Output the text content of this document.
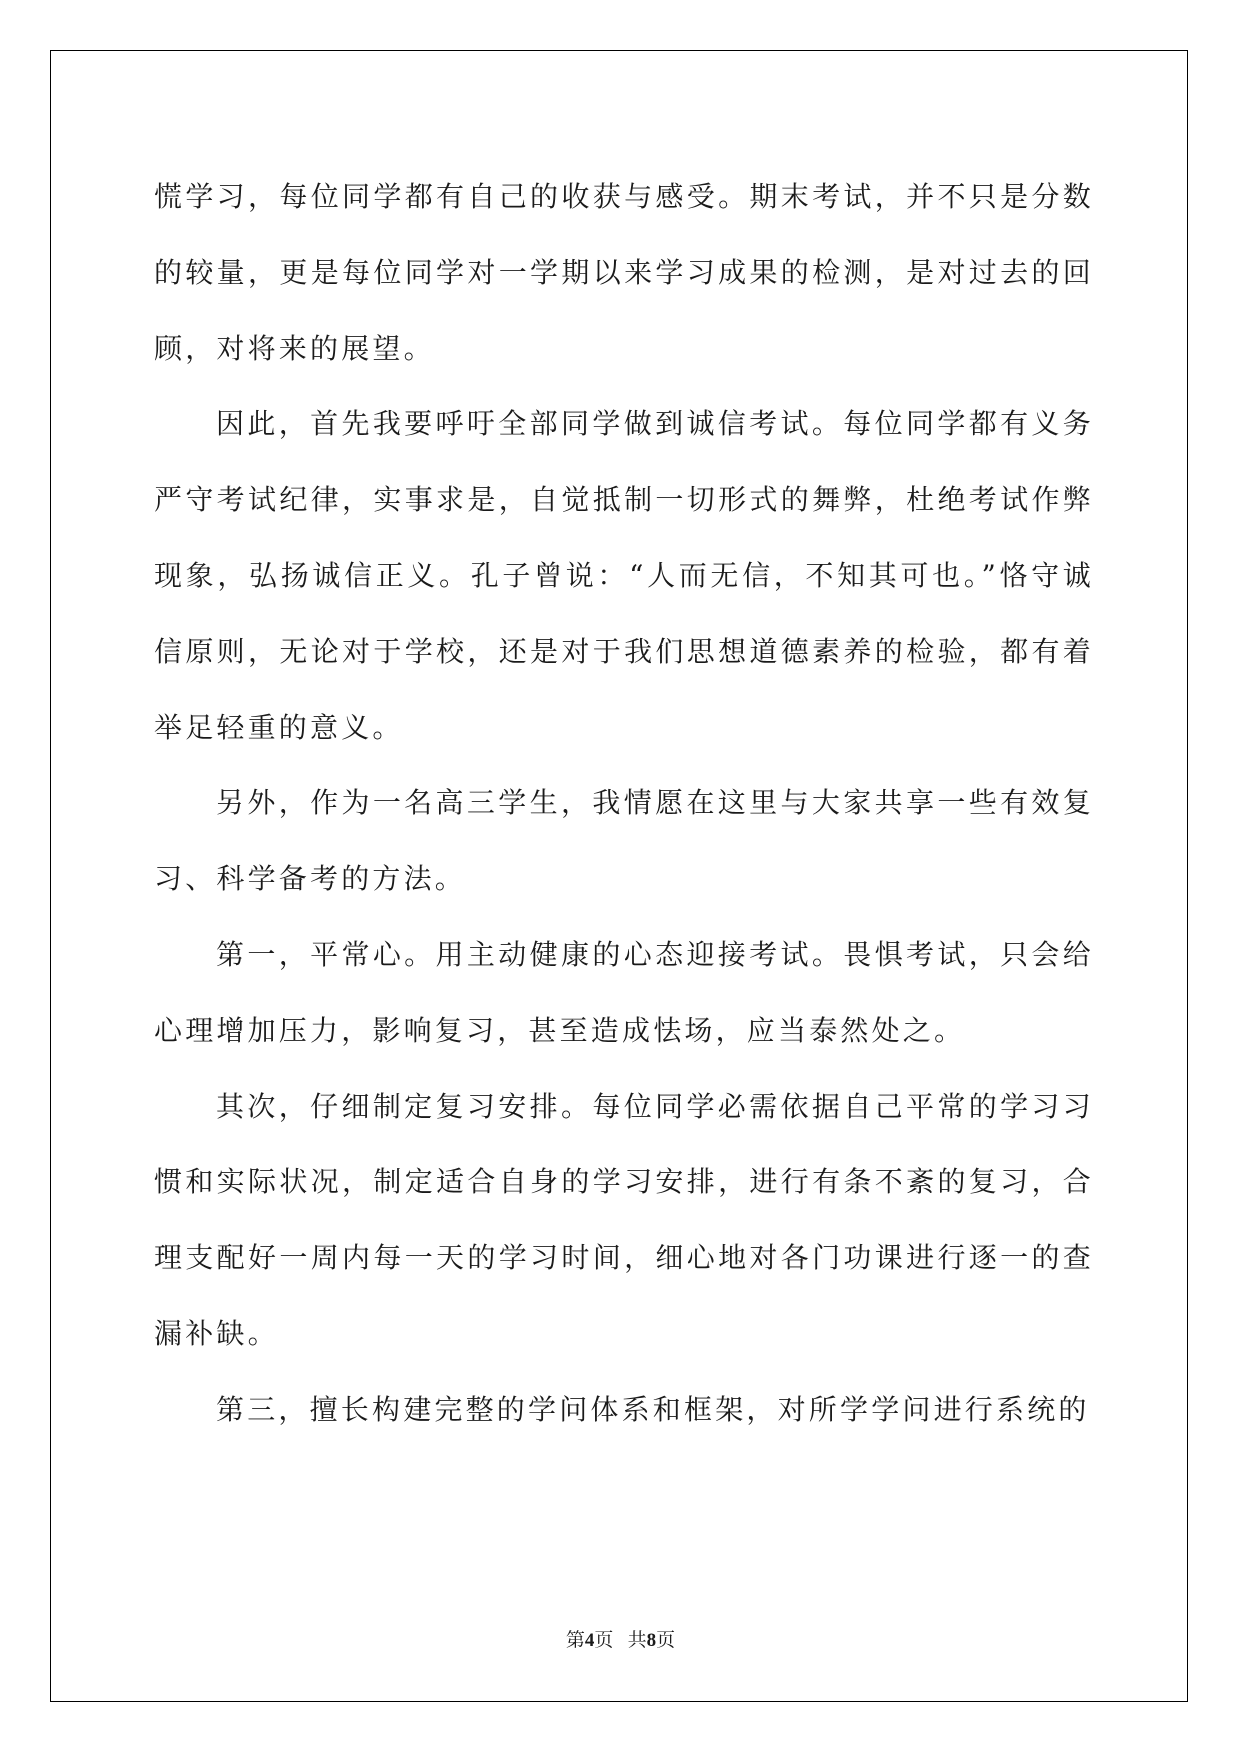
慌学习，每位同学都有自己的收获与感受。期末考试，并不只是分数的较量，更是每位同学对一学期以来学习成果的检测，是对过去的回顾，对将来的展望。

因此，首先我要呼吁全部同学做到诚信考试。每位同学都有义务严守考试纪律，实事求是，自觉抵制一切形式的舞弊，杜绝考试作弊现象，弘扬诚信正义。孔子曾说：“人而无信，不知其可也。”恪守诚信原则，无论对于学校，还是对于我们思想道德素养的检验，都有着举足轻重的意义。

另外，作为一名高三学生，我情愿在这里与大家共享一些有效复习、科学备考的方法。

第一，平常心。用主动健康的心态迎接考试。畏惧考试，只会给心理增加压力，影响复习，甚至造成怯场，应当泰然处之。

其次，仔细制定复习安排。每位同学必需依据自己平常的学习习惯和实际状况，制定适合自身的学习安排，进行有条不紊的复习，合理支配好一周内每一天的学习时间，细心地对各门功课进行逐一的查漏补缺。

第三，擅长构建完整的学问体系和框架，对所学学问进行系统的

第4页 共8页
